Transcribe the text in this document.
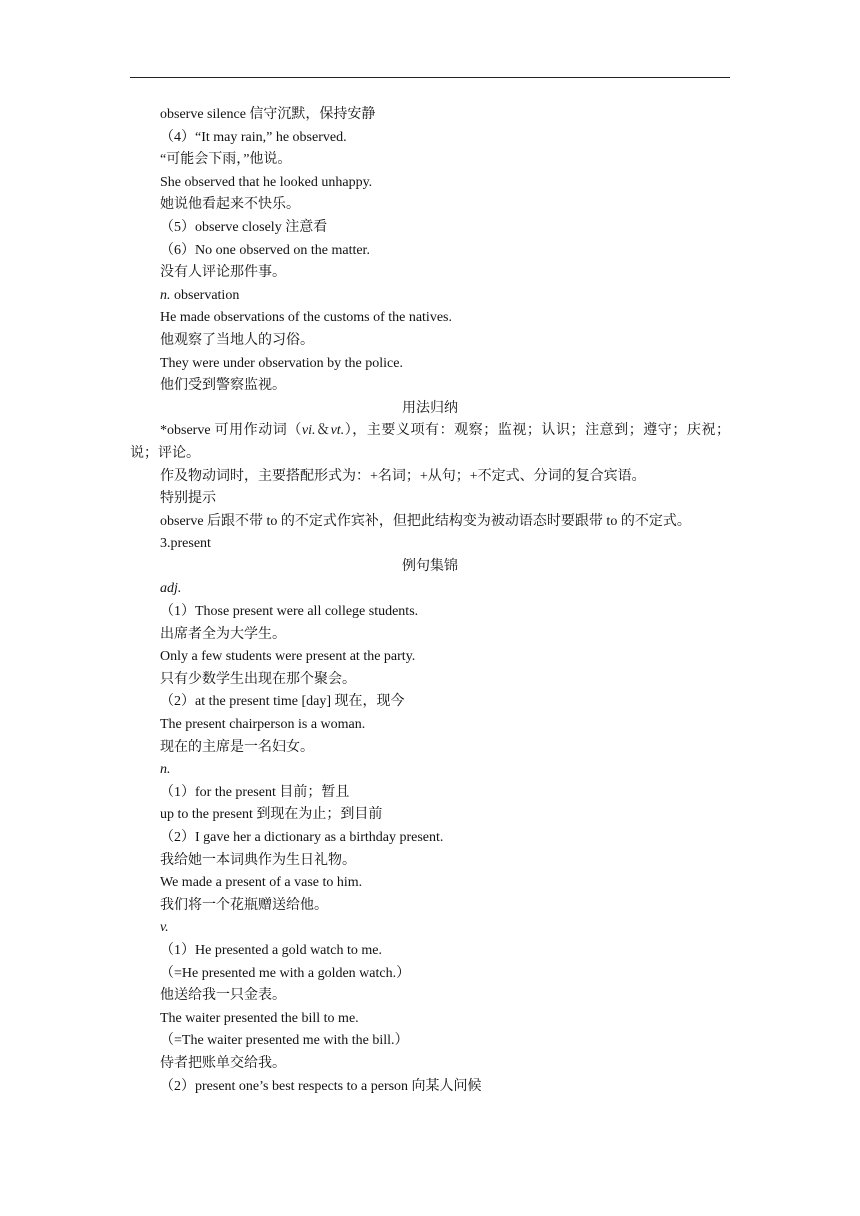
observe silence 信守沉默，保持安静
（4）“It may rain,” he observed.
“可能会下雨，”他说。
She observed that he looked unhappy.
她说他看起来不快乐。
（5）observe closely 注意看
（6）No one observed on the matter.
没有人评论那件事。
n. observation
He made observations of the customs of the natives.
他观察了当地人的习俗。
They were under observation by the police.
他们受到警察监视。
用法归纳
*observe 可用作动词（vi.＆vt.），主要义项有：观察；监视；认识；注意到；遵守；庆祝；说；评论。
作及物动词时，主要搭配形式为：+名词；+从句；+不定式、分词的复合宾语。
特别提示
observe 后跟不带 to 的不定式作宾补，但把此结构变为被动语态时要跟带 to 的不定式。
3.present
例句集锦
adj.
（1）Those present were all college students.
出席者全为大学生。
Only a few students were present at the party.
只有少数学生出现在那个聚会。
（2）at the present time [day] 现在，现今
The present chairperson is a woman.
现在的主席是一名妇女。
n.
（1）for the present 目前；暂且
up to the present 到现在为止；到目前
（2）I gave her a dictionary as a birthday present.
我给她一本词典作为生日礼物。
We made a present of a vase to him.
我们将一个花瓶赠送给他。
v.
（1）He presented a gold watch to me.
（=He presented me with a golden watch.）
他送给我一只金表。
The waiter presented the bill to me.
（=The waiter presented me with the bill.）
侍者把账单交给我。
（2）present one’s best respects to a person 向某人问候
